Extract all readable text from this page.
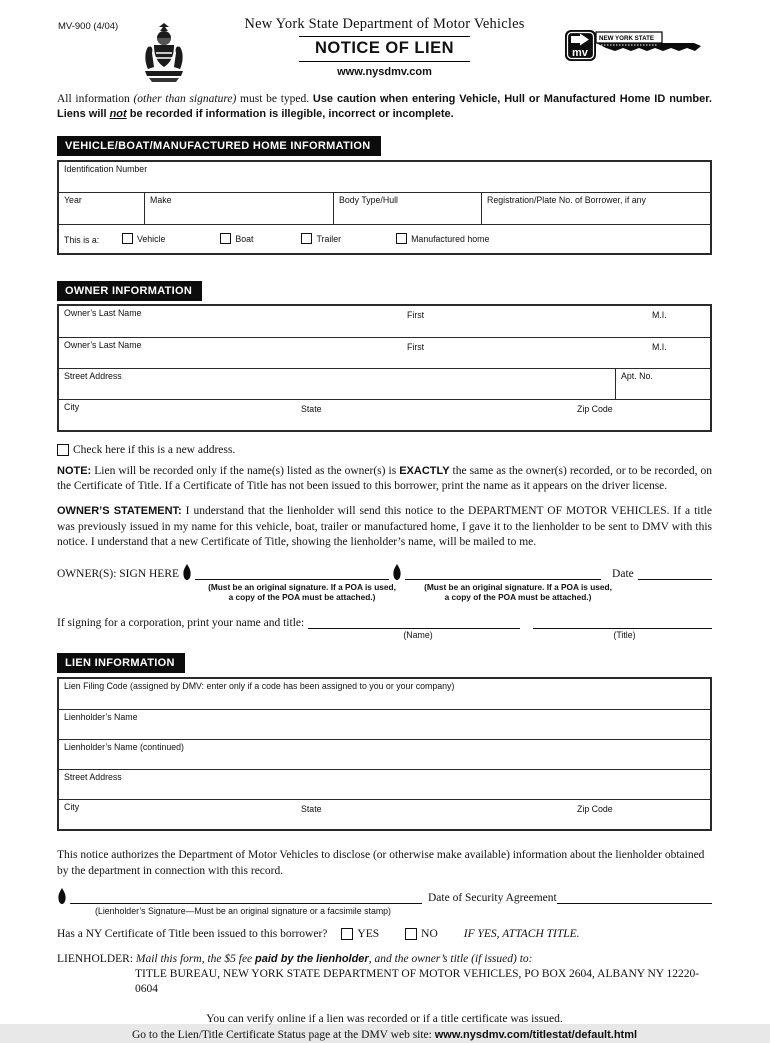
MV-900 (4/04)	New York State Department of Motor Vehicles
NOTICE OF LIEN
www.nysdmv.com
mv
NEW YORK STATE

All information (other than signature) must be typed. Use caution when entering Vehicle, Hull or Manufactured Home ID number. Liens will not be recorded if information is illegible, incorrect or incomplete.

VEHICLE/BOAT/MANUFACTURED HOME INFORMATION
Identification Number
Year	Make	Body Type/Hull	Registration/Plate No. of Borrower, if any
This is a:	Vehicle	Boat	Trailer	Manufactured home
OWNER INFORMATION
Owner’s Last Name	First	M.I.
Owner’s Last Name	First	M.I.
Street Address	Apt. No.
City	State	Zip Code
Check here if this is a new address.

NOTE: Lien will be recorded only if the name(s) listed as the owner(s) is EXACTLY the same as the owner(s) recorded, or to be recorded, on the Certificate of Title. If a Certificate of Title has not been issued to this borrower, print the name as it appears on the driver license.

OWNER’S STATEMENT: I understand that the lienholder will send this notice to the DEPARTMENT OF MOTOR VEHICLES. If a title was previously issued in my name for this vehicle, boat, trailer or manufactured home, I gave it to the lienholder to be sent to DMV with this notice. I understand that a new Certificate of Title, showing the lienholder’s name, will be mailed to me.

OWNER(S): SIGN HERE	Date
(Must be an original signature. If a POA is used,
a copy of the POA must be attached.)
(Must be an original signature. If a POA is used,
a copy of the POA must be attached.)
If signing for a corporation, print your name and title:
(Name)	(Title)
LIEN INFORMATION
Lien Filing Code (assigned by DMV: enter only if a code has been assigned to you or your company)
Lienholder’s Name
Lienholder’s Name (continued)
Street Address
City	State	Zip Code

This notice authorizes the Department of Motor Vehicles to disclose (or otherwise make available) information about the lienholder obtained by the department in connection with this record.

Date of Security Agreement
(Lienholder’s Signature—Must be an original signature or a facsimile stamp)
Has a NY Certificate of Title been issued to this borrower?	YES	NO IF YES, ATTACH TITLE.
LIENHOLDER: Mail this form, the $5 fee paid by the lienholder, and the owner’s title (if issued) to:
TITLE BUREAU, NEW YORK STATE DEPARTMENT OF MOTOR VEHICLES, PO BOX 2604, ALBANY NY 12220-0604
You can verify online if a lien was recorded or if a title certificate was issued.
Go to the Lien/Title Certificate Status page at the DMV web site: www.nysdmv.com/titlestat/default.html
